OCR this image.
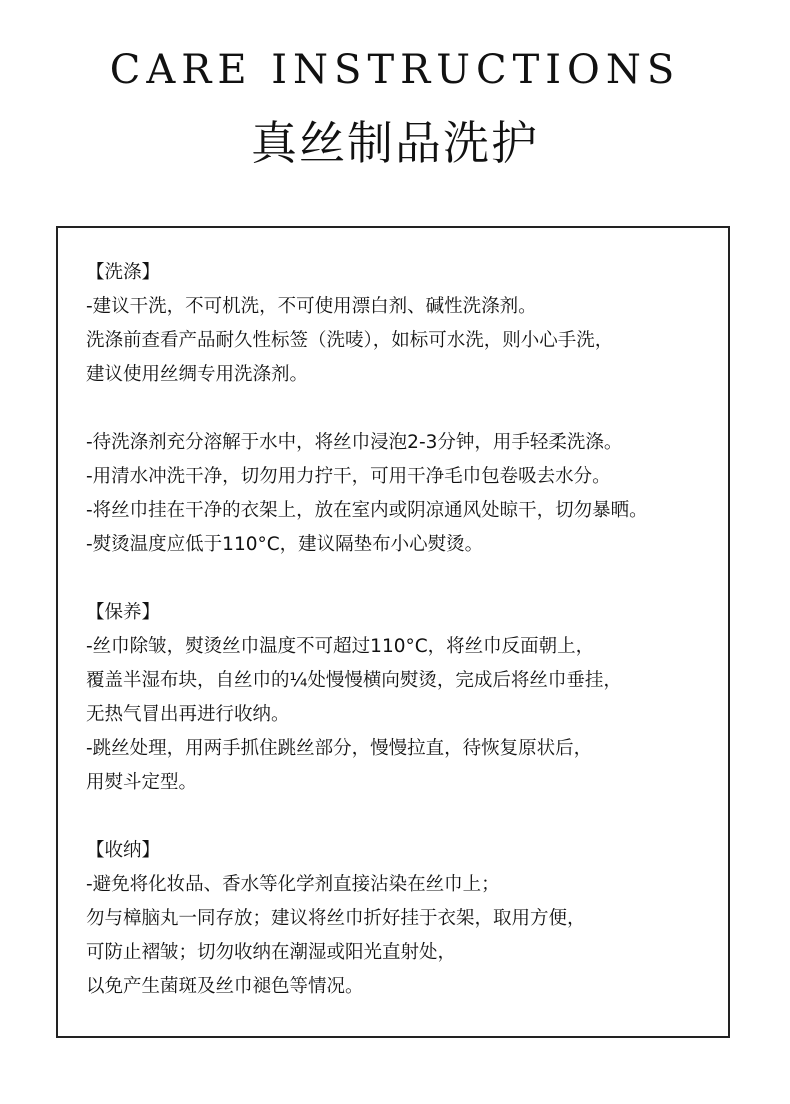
CARE INSTRUCTIONS
真丝制品洗护
【洗涤】
-建议干洗，不可机洗，不可使用漂白剂、碱性洗涤剂。
洗涤前查看产品耐久性标签（洗唛），如标可水洗，则小心手洗，
建议使用丝绸专用洗涤剂。
-待洗涤剂充分溶解于水中，将丝巾浸泡2-3分钟，用手轻柔洗涤。
-用清水冲洗干净，切勿用力拧干，可用干净毛巾包卷吸去水分。
-将丝巾挂在干净的衣架上，放在室内或阴凉通风处晾干，切勿暴晒。
-熨烫温度应低于110°C，建议隔垫布小心熨烫。
【保养】
-丝巾除皱，熨烫丝巾温度不可超过110°C，将丝巾反面朝上，
覆盖半湿布块，自丝巾的¼处慢慢横向熨烫，完成后将丝巾垂挂，
无热气冒出再进行收纳。
-跳丝处理，用两手抓住跳丝部分，慢慢拉直，待恢复原状后，
用熨斗定型。
【收纳】
-避免将化妆品、香水等化学剂直接沾染在丝巾上；
勿与樟脑丸一同存放；建议将丝巾折好挂于衣架，取用方便，
可防止褶皱；切勿收纳在潮湿或阳光直射处，
以免产生菌斑及丝巾褪色等情况。
